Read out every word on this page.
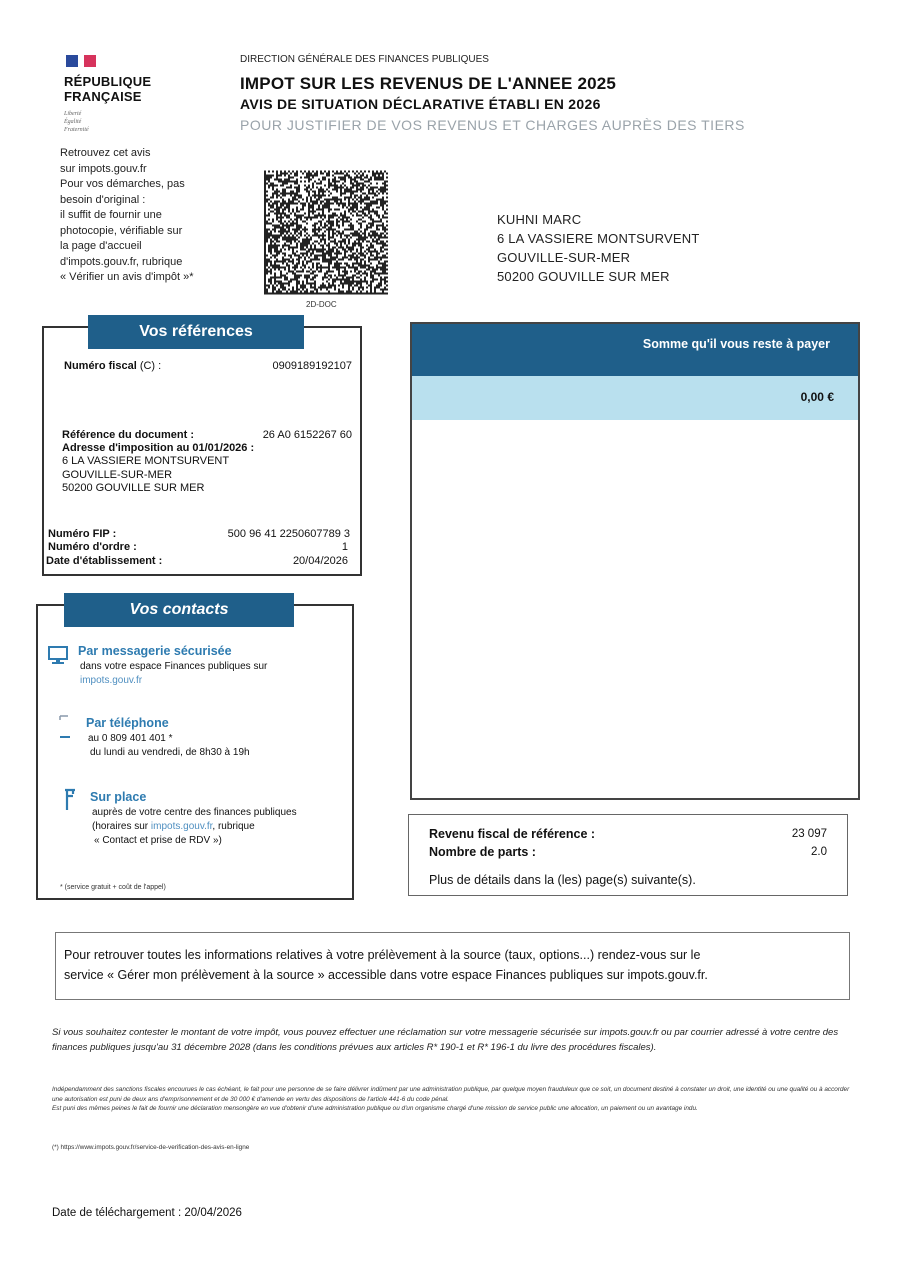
RÉPUBLIQUE
FRANÇAISE
Liberté
Égalité
Fraternité
Retrouvez cet avis
sur impots.gouv.fr
Pour vos démarches, pas
besoin d'original :
il suffit de fournir une
photocopie, vérifiable sur
la page d'accueil
d'impots.gouv.fr, rubrique
« Vérifier un avis d'impôt »*
DIRECTION GÉNÉRALE DES FINANCES PUBLIQUES
IMPOT SUR LES REVENUS DE L'ANNEE 2025
AVIS DE SITUATION DÉCLARATIVE ÉTABLI EN 2026
POUR JUSTIFIER DE VOS REVENUS ET CHARGES AUPRÈS DES TIERS
2D-DOC
KUHNI MARC
6 LA VASSIERE MONTSURVENT
GOUVILLE-SUR-MER
50200 GOUVILLE SUR MER
Vos références
Numéro fiscal (C) :	0909189192107
Référence du document :	26 A0 6152267 60
Adresse d'imposition au 01/01/2026 :
6 LA VASSIERE MONTSURVENT
GOUVILLE-SUR-MER
50200 GOUVILLE SUR MER
Numéro FIP :	500 96 41 2250607789 3
Numéro d'ordre :	1
Date d'établissement :	20/04/2026
Vos contacts
Par messagerie sécurisée
dans votre espace Finances publiques sur
impots.gouv.fr
Par téléphone
au 0 809 401 401 *
du lundi au vendredi, de 8h30 à 19h
Sur place
auprès de votre centre des finances publiques
(horaires sur impots.gouv.fr, rubrique
« Contact et prise de RDV »)
* (service gratuit + coût de l'appel)
Somme qu'il vous reste à payer
0,00 €
Revenu fiscal de référence :	23 097
Nombre de parts :	2.0
Plus de détails dans la (les) page(s) suivante(s).
Pour retrouver toutes les informations relatives à votre prélèvement à la source (taux, options...) rendez-vous sur le
service « Gérer mon prélèvement à la source » accessible dans votre espace Finances publiques sur impots.gouv.fr.
Si vous souhaitez contester le montant de votre impôt, vous pouvez effectuer une réclamation sur votre messagerie sécurisée sur impots.gouv.fr ou par courrier adressé à votre centre des finances publiques jusqu'au 31 décembre 2028 (dans les conditions prévues aux articles R* 190-1 et R* 196-1 du livre des procédures fiscales).
Indépendamment des sanctions fiscales encourues le cas échéant, le fait pour une personne de se faire délivrer indûment par une administration publique, par quelque moyen frauduleux que ce soit, un document destiné à constater un droit, une identité ou une qualité ou à accorder une autorisation est puni de deux ans d'emprisonnement et de 30 000 € d'amende en vertu des dispositions de l'article 441-6 du code pénal.
Est puni des mêmes peines le fait de fournir une déclaration mensongère en vue d'obtenir d'une administration publique ou d'un organisme chargé d'une mission de service public une allocation, un paiement ou un avantage indu.
(*) https://www.impots.gouv.fr/service-de-verification-des-avis-en-ligne
Date de téléchargement : 20/04/2026
